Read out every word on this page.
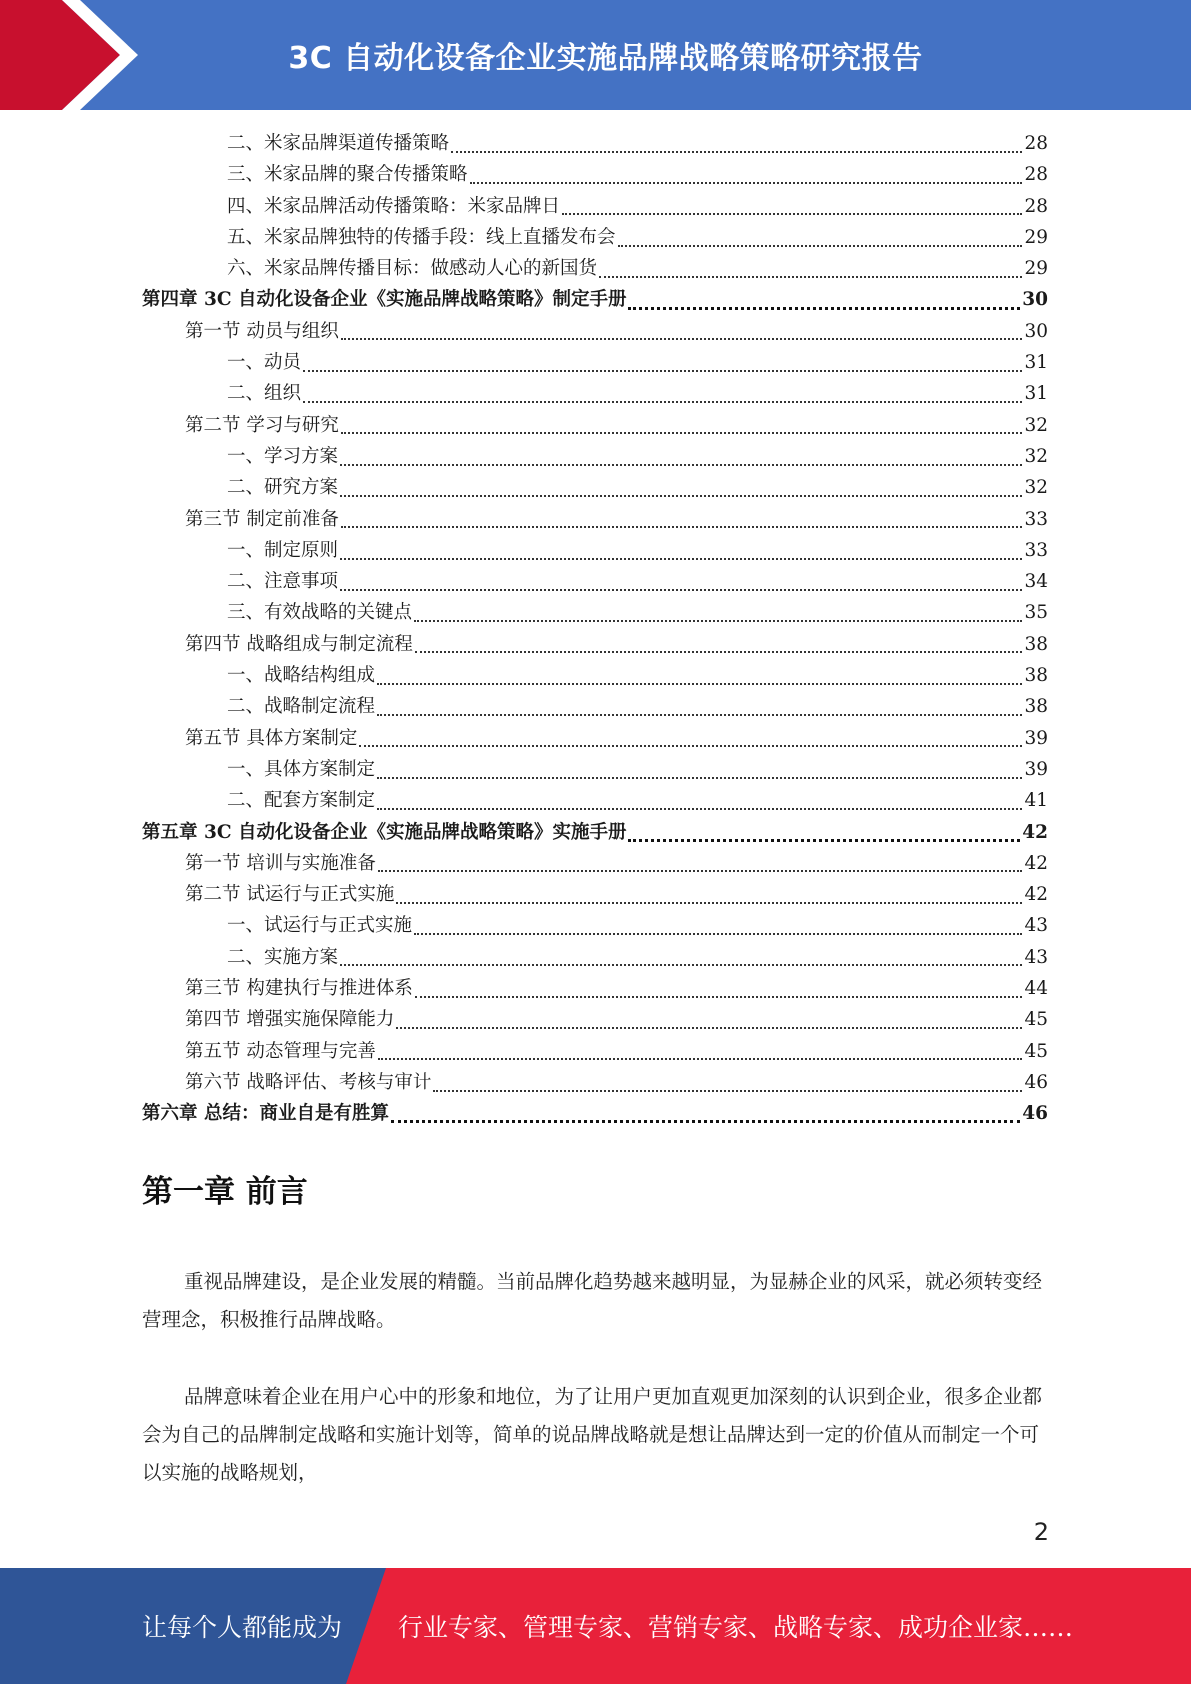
3C 自动化设备企业实施品牌战略策略研究报告
二、米家品牌渠道传播策略	28
三、米家品牌的聚合传播策略	28
四、米家品牌活动传播策略：米家品牌日	28
五、米家品牌独特的传播手段：线上直播发布会	29
六、米家品牌传播目标：做感动人心的新国货	29
第四章 3C 自动化设备企业《实施品牌战略策略》制定手册	30
第一节 动员与组织	30
一、动员	31
二、组织	31
第二节 学习与研究	32
一、学习方案	32
二、研究方案	32
第三节 制定前准备	33
一、制定原则	33
二、注意事项	34
三、有效战略的关键点	35
第四节 战略组成与制定流程	38
一、战略结构组成	38
二、战略制定流程	38
第五节 具体方案制定	39
一、具体方案制定	39
二、配套方案制定	41
第五章 3C 自动化设备企业《实施品牌战略策略》实施手册	42
第一节 培训与实施准备	42
第二节 试运行与正式实施	42
一、试运行与正式实施	43
二、实施方案	43
第三节 构建执行与推进体系	44
第四节 增强实施保障能力	45
第五节 动态管理与完善	45
第六节 战略评估、考核与审计	46
第六章 总结：商业自是有胜算	46
第一章 前言

重视品牌建设，是企业发展的精髓。当前品牌化趋势越来越明显，为显赫企业的风采，就必须转变经营理念，积极推行品牌战略。

品牌意味着企业在用户心中的形象和地位，为了让用户更加直观更加深刻的认识到企业，很多企业都会为自己的品牌制定战略和实施计划等，简单的说品牌战略就是想让品牌达到一定的价值从而制定一个可以实施的战略规划，

2
让每个人都能成为 行业专家、管理专家、营销专家、战略专家、成功企业家……
